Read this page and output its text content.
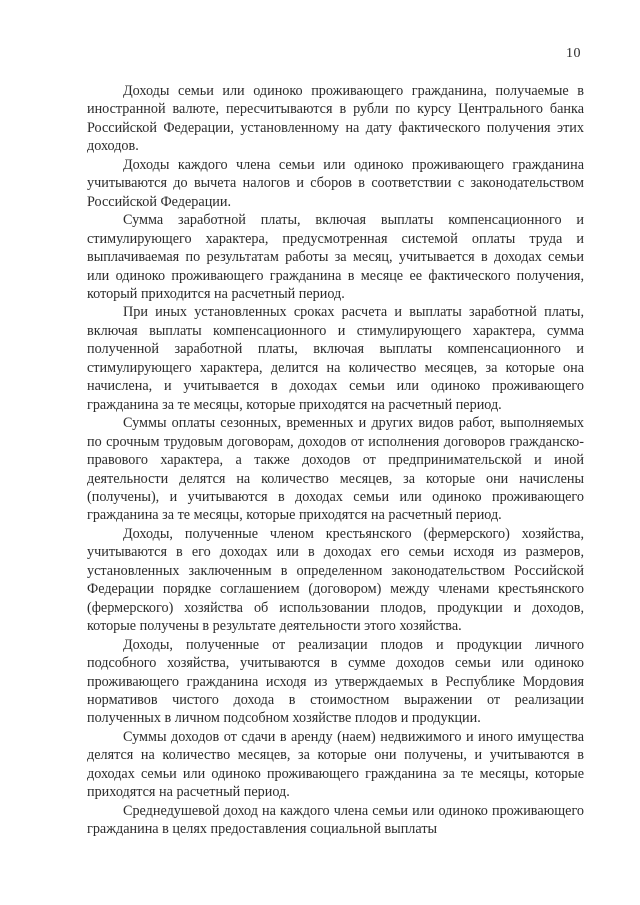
10

Доходы семьи или одиноко проживающего гражданина, получаемые в иностранной валюте, пересчитываются в рубли по курсу Центрального банка Российской Федерации, установленному на дату фактического получения этих доходов.

Доходы каждого члена семьи или одиноко проживающего гражданина учитываются до вычета налогов и сборов в соответствии с законодательством Российской Федерации.

Сумма заработной платы, включая выплаты компенсационного и стимулирующего характера, предусмотренная системой оплаты труда и выплачиваемая по результатам работы за месяц, учитывается в доходах семьи или одиноко проживающего гражданина в месяце ее фактического получения, который приходится на расчетный период.

При иных установленных сроках расчета и выплаты заработной платы, включая выплаты компенсационного и стимулирующего характера, сумма полученной заработной платы, включая выплаты компенсационного и стимулирующего характера, делится на количество месяцев, за которые она начислена, и учитывается в доходах семьи или одиноко проживающего гражданина за те месяцы, которые приходятся на расчетный период.

Суммы оплаты сезонных, временных и других видов работ, выполняемых по срочным трудовым договорам, доходов от исполнения договоров гражданско-правового характера, а также доходов от предпринимательской и иной деятельности делятся на количество месяцев, за которые они начислены (получены), и учитываются в доходах семьи или одиноко проживающего гражданина за те месяцы, которые приходятся на расчетный период.

Доходы, полученные членом крестьянского (фермерского) хозяйства, учитываются в его доходах или в доходах его семьи исходя из размеров, установленных заключенным в определенном законодательством Российской Федерации порядке соглашением (договором) между членами крестьянского (фермерского) хозяйства об использовании плодов, продукции и доходов, которые получены в результате деятельности этого хозяйства.

Доходы, полученные от реализации плодов и продукции личного подсобного хозяйства, учитываются в сумме доходов семьи или одиноко проживающего гражданина исходя из утверждаемых в Республике Мордовия нормативов чистого дохода в стоимостном выражении от реализации полученных в личном подсобном хозяйстве плодов и продукции.

Суммы доходов от сдачи в аренду (наем) недвижимого и иного имущества делятся на количество месяцев, за которые они получены, и учитываются в доходах семьи или одиноко проживающего гражданина за те месяцы, которые приходятся на расчетный период.

Среднедушевой доход на каждого члена семьи или одиноко проживающего гражданина в целях предоставления социальной выплаты
